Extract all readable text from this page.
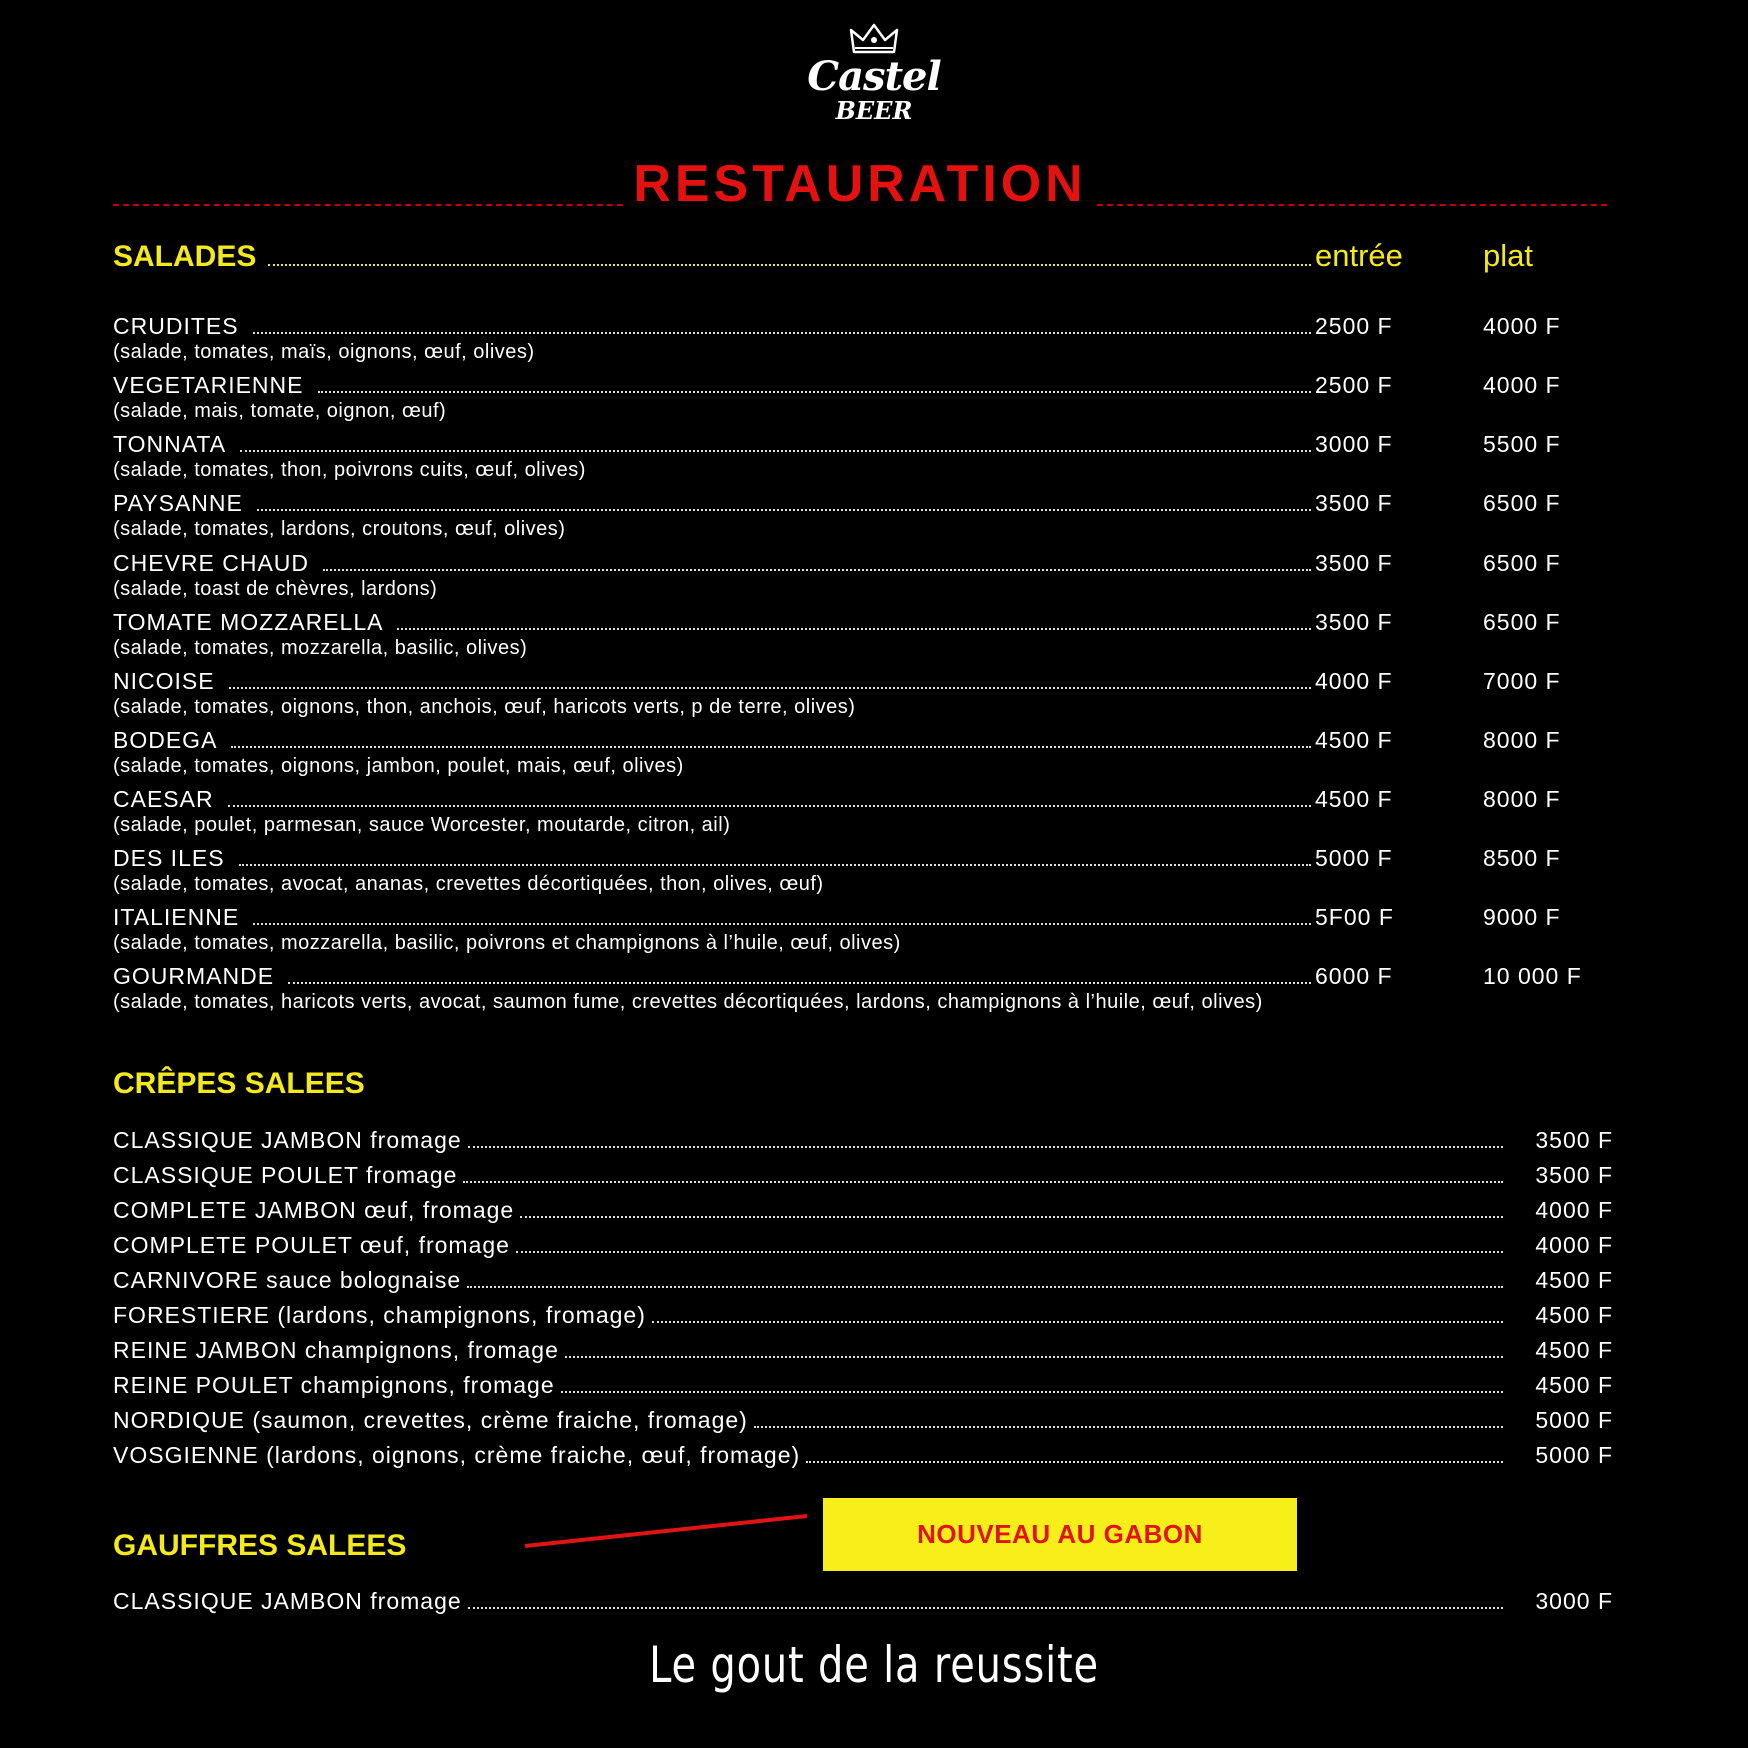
Castel
BEER
RESTAURATION
SALADES	entrée	plat
CRUDITES	2500 F	4000 F
(salade, tomates, maïs, oignons, œuf, olives)
VEGETARIENNE	2500 F	4000 F
(salade, mais, tomate, oignon, œuf)
TONNATA	3000 F	5500 F
(salade, tomates, thon, poivrons cuits, œuf, olives)
PAYSANNE	3500 F	6500 F
(salade, tomates, lardons, croutons, œuf, olives)
CHEVRE CHAUD	3500 F	6500 F
(salade, toast de chèvres, lardons)
TOMATE MOZZARELLA	3500 F	6500 F
(salade, tomates, mozzarella, basilic, olives)
NICOISE	4000 F	7000 F
(salade, tomates, oignons, thon, anchois, œuf, haricots verts, p de terre, olives)
BODEGA	4500 F	8000 F
(salade, tomates, oignons, jambon, poulet, mais, œuf, olives)
CAESAR	4500 F	8000 F
(salade, poulet, parmesan, sauce Worcester, moutarde, citron, ail)
DES ILES	5000 F	8500 F
(salade, tomates, avocat, ananas, crevettes décortiquées, thon, olives, œuf)
ITALIENNE	5F00 F	9000 F
(salade, tomates, mozzarella, basilic, poivrons et champignons à l’huile, œuf, olives)
GOURMANDE	6000 F	10 000 F
(salade, tomates, haricots verts, avocat, saumon fume, crevettes décortiquées, lardons, champignons à l’huile, œuf, olives)
CRÊPES SALEES
CLASSIQUE JAMBON fromage	3500 F
CLASSIQUE POULET fromage	3500 F
COMPLETE JAMBON œuf, fromage	4000 F
COMPLETE POULET œuf, fromage	4000 F
CARNIVORE sauce bolognaise	4500 F
FORESTIERE (lardons, champignons, fromage)	4500 F
REINE JAMBON champignons, fromage	4500 F
REINE POULET champignons, fromage	4500 F
NORDIQUE (saumon, crevettes, crème fraiche, fromage)	5000 F
VOSGIENNE (lardons, oignons, crème fraiche, œuf, fromage)	5000 F
GAUFFRES SALEES	NOUVEAU AU GABON
CLASSIQUE JAMBON fromage	3000 F
Le gout de la reussite
